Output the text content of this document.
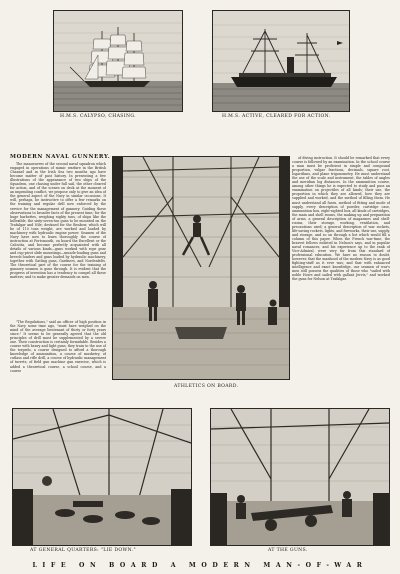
H.M.S. CALYPSO, CHASING.	H.M.S. ACTIVE, CLEARED FOR ACTION.
MODERN NAVAL GUNNERY.

The manoeuvres of the second naval squadron which engaged in operations of mimic warfare in the British Channel and in the Irish Sea two months ago have become matter of past history. In presenting a few illustrations of the appearance of two ships of the Squadron, one chasing under full sail, the other cleared for action, and of the scenes on deck at the moment of an impending conflict, we propose only to give an idea of the general aspect of the Navy in similar occasions. It will, perhaps, be instructive to offer a few remarks on the training and regular drill now enforced by the service for the management of gunnery. Guiding these observations to broader facts of the present time; for the huge barbettes, weighing eighty tons, of ships like the Inflexible, the sixty-seven-ton guns to be mounted on the Trafalgar and Nile; destined for the Benbow, which will be of 110 tons weight, are worked and loaded by machinery with hydraulic engine power. Seamen of the Navy have now to learn thoroughly the course of instruction at Portsmouth, on board the Excellent or the Calcutta, and become perfectly acquainted with all details of various kinds—guns worked with rope gear and cup-pivot slide mountings—muzzle-loading guns and breech-loaders and guns loaded by hydraulic machinery, together with Gatling guns, Gardners, and Nordenfelts. The theoretical part of the course for the training of gunnery seamen is gone through. It is evident that the progress of invention has a tendency to compel all these matters; and to make greater demands on men.

"The Regulations," said an officer of high position in the Navy some time ago, "must have weighed on the mind of the average lieutenant of thirty or forty years since." It seems to be generally agreed that the old principles of drill must be supplemented by a severe one. Their construction is certainly formidable. Besides a course with heavy and light guns, they train to the use of the torpedo, a course designed to afford a thorough knowledge of ammunition, a course of musketry, of cutlass and rifle drill, a course of hydraulic management of turrets, of field gun machine gun exercise, which is added a theoretical course, a school course, and a course

of diving instruction. It should be remarked that every course is followed by an examination. In the school course a man must be proficient in simple and compound proportion, vulgar fractions, decimals, square root, logarithms, and plane trigonometry. He must understand the use of the scale and instrument, the tables of angles and meridian log distances. In the ammunition course, among other things he is expected to study and pass an examination on projectiles of all kinds; their use, the proportion in which they are allowed, how they are supplied and worked, and the method of filling them. He must understand all fuses, method of fitting and mode of supply, every description of powder, cartridge case, ammunition box, eight-sighted box, all kinds of cartridges, the main and shell rooms, the making up and preparation of arms, a general description of magazines and shell-rooms, their storage, working, ventilation, and precautions used; a general description of war rockets, life-saving rockets, lights, and fireworks, their use, supply, and storage, and so on through a list which would fill a column of this paper. When the French war-time, the bravest fellows enlisted in Nelson's says, and in popular naval romances, and his experience up to the rank of Vice-Admiral, were very far from this standard of professional education. We have no reason to doubt, however, that the manhood of the modern Navy is as good fighting-stuff as it ever was; and that with enhanced intelligence and exact knowledge, our seamen of war's men still possess the qualities of those who "sailed with noble Howe and sailed with gallant Jervis," and worked the guns for Nelson at Trafalgar.

ATHLETICS ON BOARD.
AT GENERAL QUARTERS: "LIE DOWN."	AT THE GUNS.
LIFE ON BOARD A MODERN MAN-OF-WAR
